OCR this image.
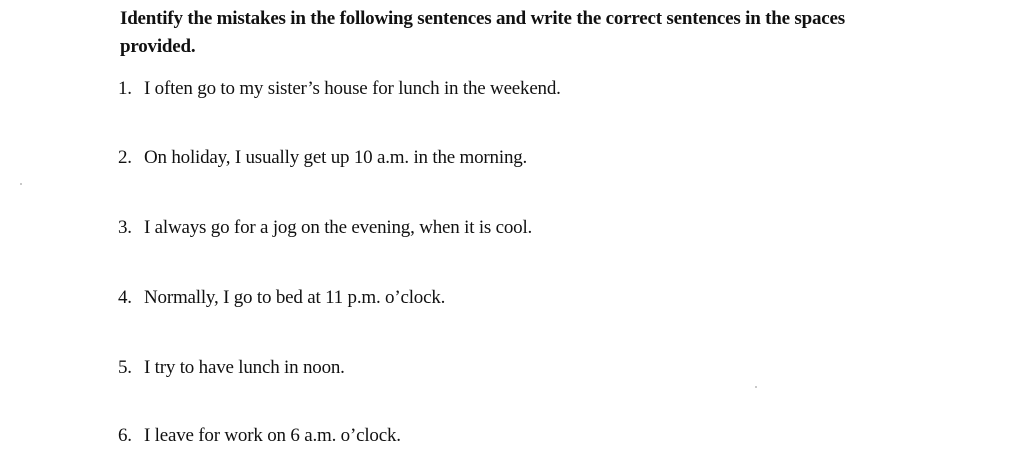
Identify the mistakes in the following sentences and write the correct sentences in the spaces provided.
1. I often go to my sister’s house for lunch in the weekend.
2. On holiday, I usually get up 10 a.m. in the morning.
3. I always go for a jog on the evening, when it is cool.
4. Normally, I go to bed at 11 p.m. o’clock.
5. I try to have lunch in noon.
6. I leave for work on 6 a.m. o’clock.
